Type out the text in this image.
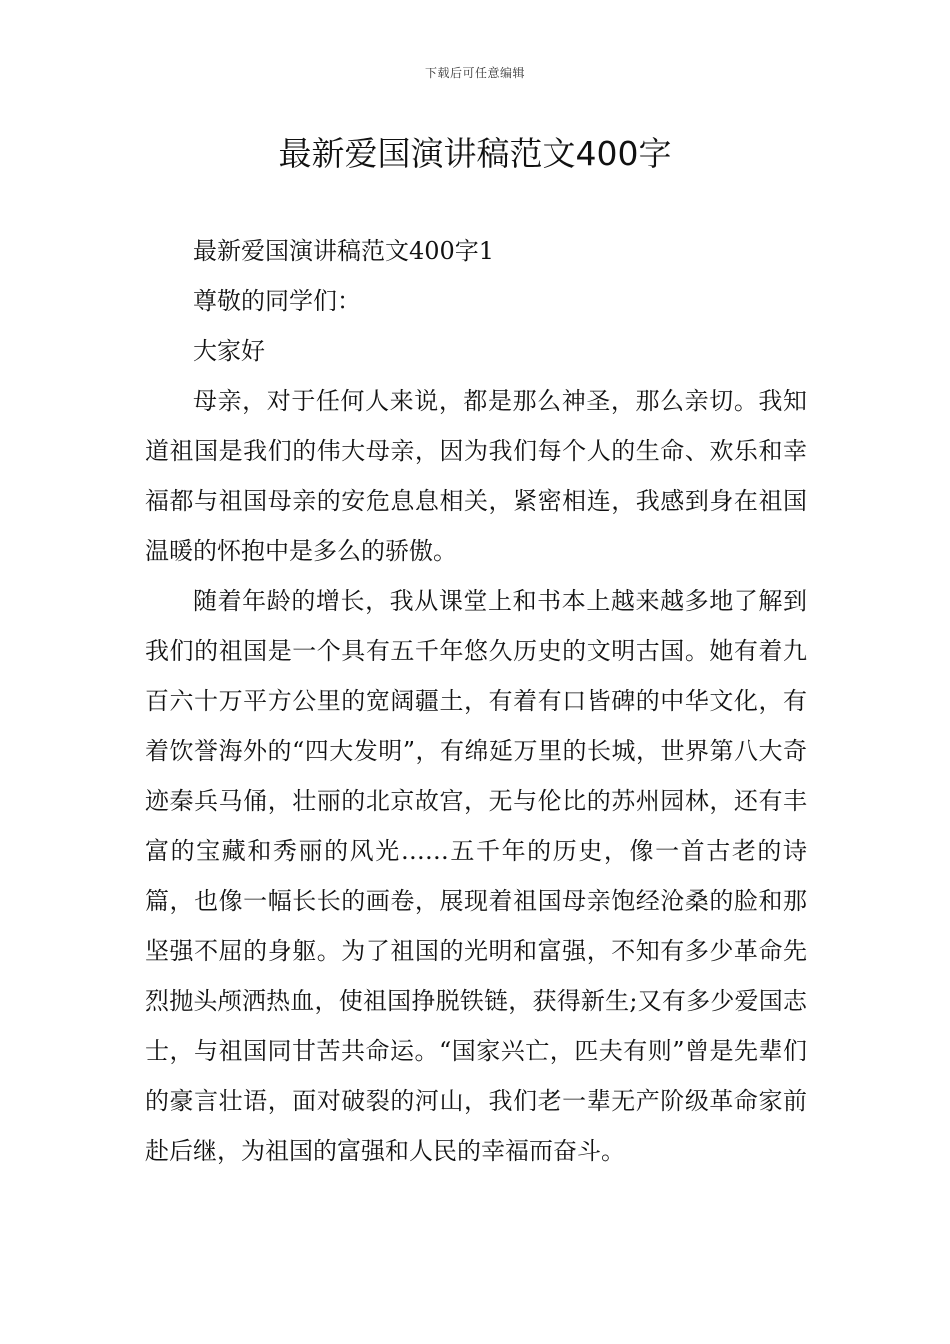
下载后可任意编辑
最新爱国演讲稿范文400字

最新爱国演讲稿范文400字1

尊敬的同学们：

大家好

母亲，对于任何人来说，都是那么神圣，那么亲切。我知道祖国是我们的伟大母亲，因为我们每个人的生命、欢乐和幸福都与祖国母亲的安危息息相关，紧密相连，我感到身在祖国温暖的怀抱中是多么的骄傲。

随着年龄的增长，我从课堂上和书本上越来越多地了解到我们的祖国是一个具有五千年悠久历史的文明古国。她有着九百六十万平方公里的宽阔疆土，有着有口皆碑的中华文化，有着饮誉海外的“四大发明”，有绵延万里的长城，世界第八大奇迹秦兵马俑，壮丽的北京故宫，无与伦比的苏州园林，还有丰富的宝藏和秀丽的风光……五千年的历史，像一首古老的诗篇，也像一幅长长的画卷，展现着祖国母亲饱经沧桑的脸和那坚强不屈的身躯。为了祖国的光明和富强，不知有多少革命先烈抛头颅洒热血，使祖国挣脱铁链，获得新生;又有多少爱国志士，与祖国同甘苦共命运。“国家兴亡，匹夫有则”曾是先辈们的豪言壮语，面对破裂的河山，我们老一辈无产阶级革命家前赴后继，为祖国的富强和人民的幸福而奋斗。
